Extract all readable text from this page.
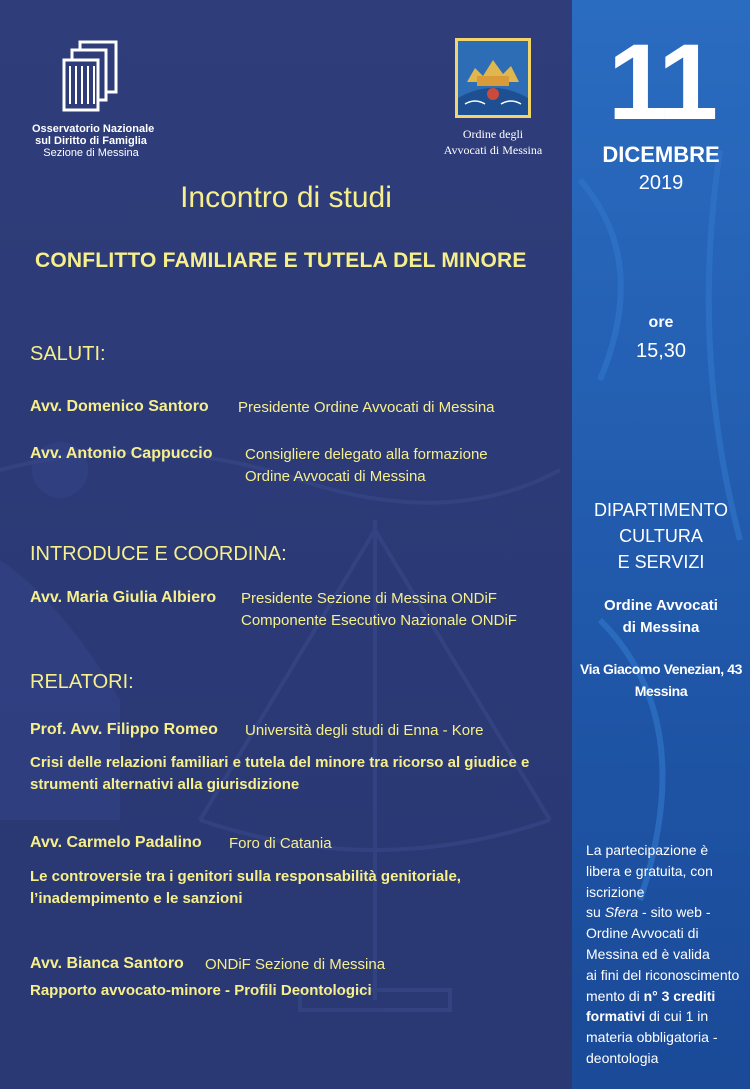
Osservatorio Nazionale
sul Diritto di Famiglia
Sezione di Messina
Ordine degli
Avvocati di Messina
Incontro di studi
CONFLITTO FAMILIARE E TUTELA DEL MINORE
SALUTI:
Avv. Domenico Santoro Presidente Ordine Avvocati di Messina
Avv. Antonio Cappuccio Consigliere delegato alla formazione
Ordine Avvocati di Messina
INTRODUCE E COORDINA:
Avv. Maria Giulia Albiero Presidente Sezione di Messina ONDiF
Componente Esecutivo Nazionale ONDiF
RELATORI:
Prof. Avv. Filippo Romeo Università degli studi di Enna - Kore
Crisi delle relazioni familiari e tutela del minore tra ricorso al giudice e
strumenti alternativi alla giurisdizione
Avv. Carmelo Padalino Foro di Catania
Le controversie tra i genitori sulla responsabilità genitoriale,
l’inadempimento e le sanzioni
Avv. Bianca Santoro ONDiF Sezione di Messina
Rapporto avvocato-minore - Profili Deontologici
11
DICEMBRE
2019
ore
15,30
DIPARTIMENTO
CULTURA
E SERVIZI
Ordine Avvocati
di Messina
Via Giacomo Venezian, 43
Messina
La partecipazione è
libera e gratuita, con
iscrizione
su Sfera - sito web -
Ordine Avvocati di
Messina ed è valida
ai fini del riconoscimento
mento di n° 3 crediti
formativi di cui 1 in
materia obbligatoria -
deontologia
